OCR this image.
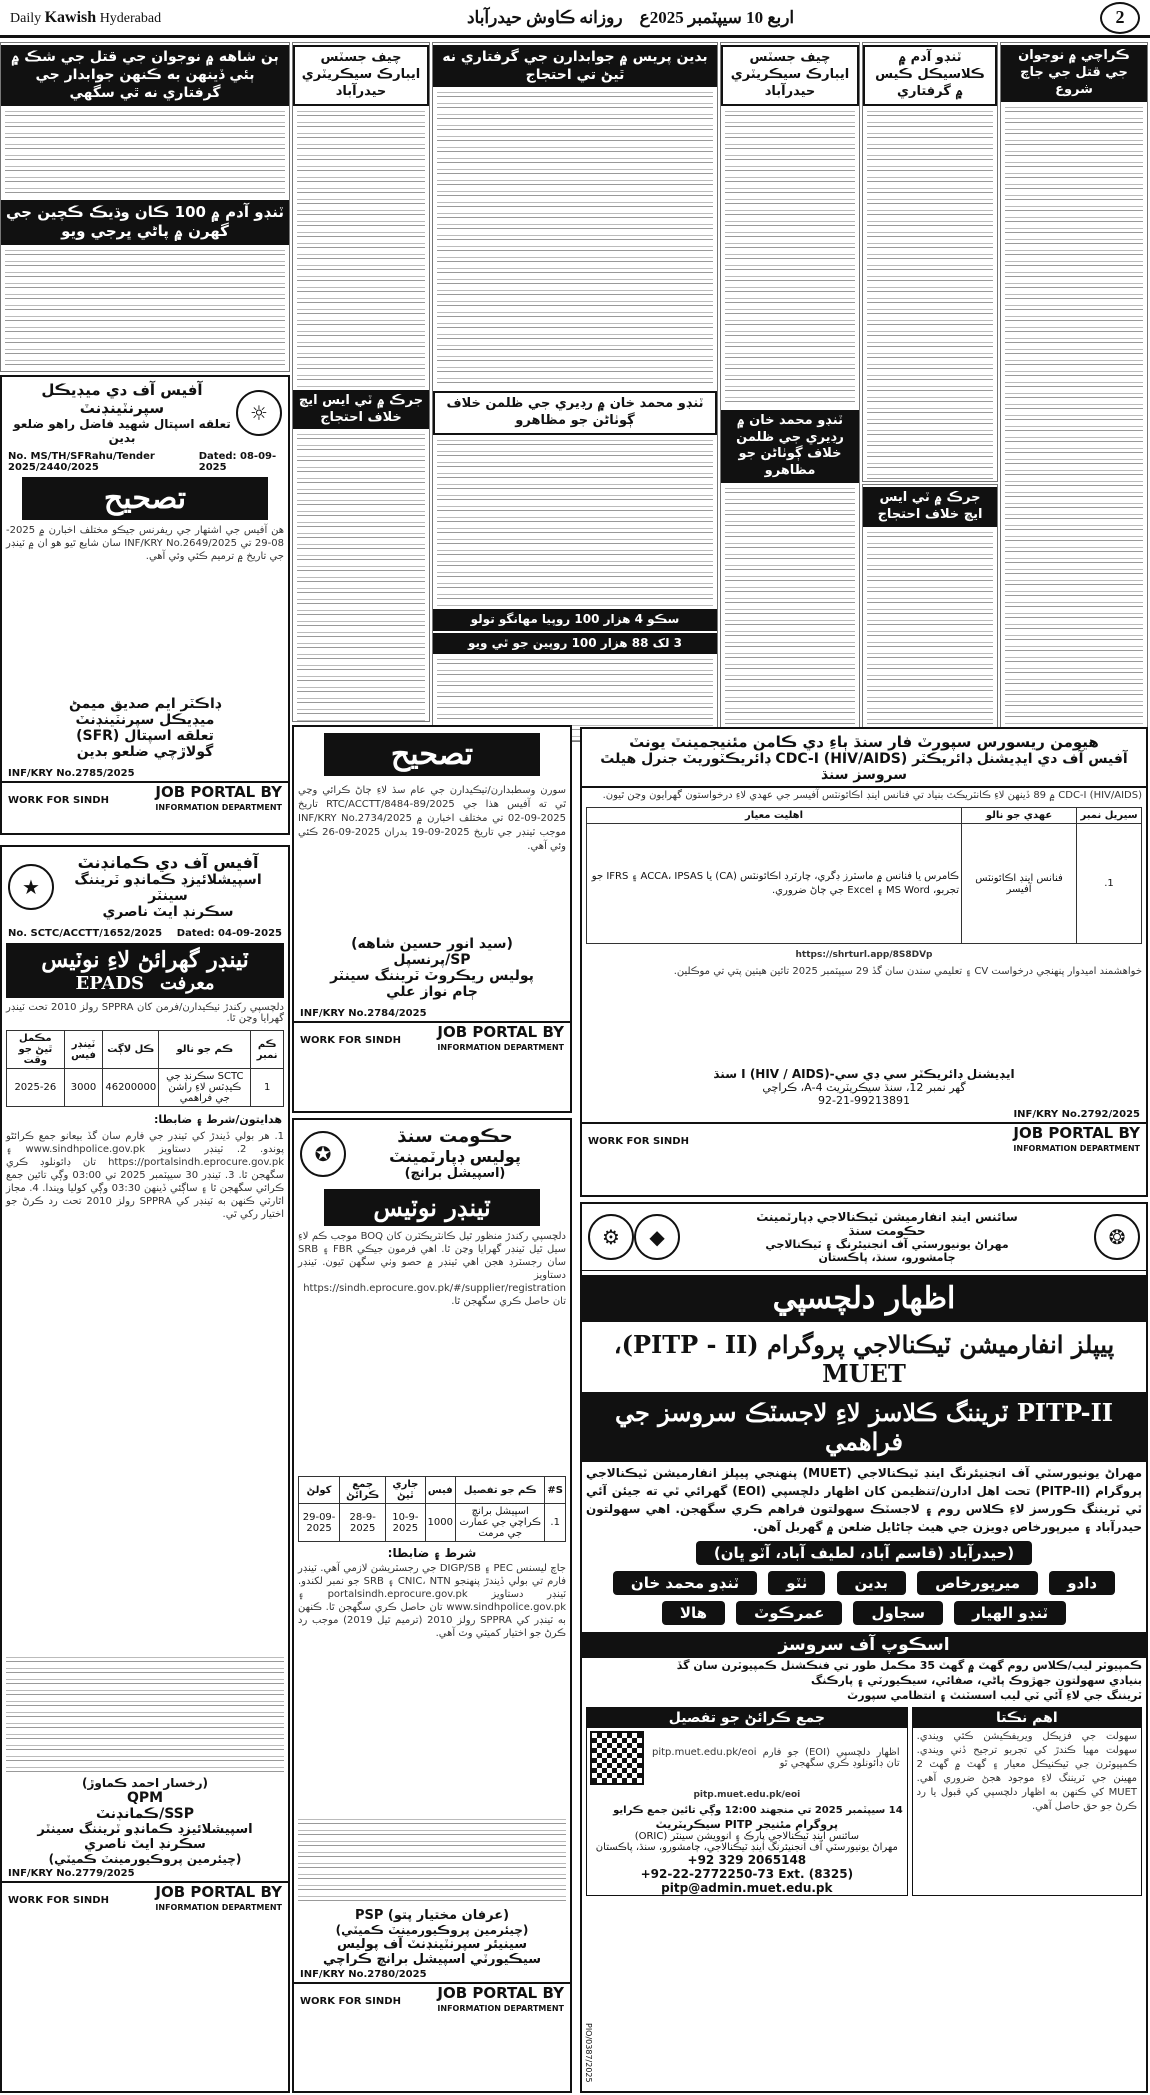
Daily Kawish Hyderabad	اربع 10 سيپٽمبر 2025ع    روزانه ڪاوش حيدرآباد	2
ڪراچي ۾ نوجوان جي قتل جي جاچ شروع
ٽنڊو آدم ۾ ڪلاسيڪل ڪيس ۾ گرفتاري
جرڪ ۾ ٽي ايس ايچ خلاف احتجاج
چيف جسٽس ايبارڪ سيڪريٽري حيدرآباد
ٽنڊو محمد خان ۾ رڊيري جي ظلمن خلاف ڳوٺاڻن جو مظاهرو
بدين پريس ۾ جوابدارن جي گرفتاري نه ٿيڻ تي احتجاج
ٽنڊو محمد خان ۾ رڊيري جي ظلمن خلاف ڳوٺاڻن جو مظاهرو
سڪو 4 هزار 100 روپيا مهانگو تولو
3 لک 88 هزار 100 روپين جو ٿي ويو
چيف جسٽس ايبارڪ سيڪريٽري حيدرآباد
جرڪ ۾ ٽي ايس ايچ خلاف احتجاج
ٻن شاهه ۾ نوجوان جي قتل جي شڪ ۾ ٻئي ڏينهن به ڪنهن جوابدار جي گرفتاري نه ٿي سگهي
ٽنڊو آدم ۾ 100 ڪان وڌيڪ ڪچين جي گهرن ۾ پاڻي ڀرجي ويو
☼
آفيس آف دي ميڊيڪل سپرنٽينڊنٽ
تعلقه اسپتال شهيد فاضل راهو ضلعو بدين
No. MS/TH/SFRahu/Tender 2025/2440/2025
Dated: 08-09-2025
تصحيح
هن آفيس جي اشتهار جي ريفرنس جيڪو مختلف اخبارن ۾ 2025-08-29 تي INF/KRY No.2649/2025 سان شايع ٿيو هو ان ۾ ٽينڊر جي تاريخ ۾ ترميم ڪئي وئي آهي.
ڊاڪٽر ايم صديق ميمڻ
ميڊيڪل سپرنٽينڊنٽ
تعلقه اسپتال (SFR)
گولاڙچي ضلعو بدين
INF/KRY No.2785/2025
WORK FOR SINDH	JOB PORTAL BY
INFORMATION DEPARTMENT
آفيس آف دي ڪمانڊنٽ
اسپيشلائيزڊ ڪمانڊو ٽريننگ سينٽر
سڪرنڊ ايٽ ناصري
★
No. SCTC/ACCTT/1652/2025 Dated: 04-09-2025
ٽينڊر گهرائڻ لاءِ نوٽيس
معرفت
EPADS
دلچسپي رکندڙ ٺيڪيدارن/فرمن کان SPPRA رولز 2010 تحت ٽينڊر گهرايا وڃن ٿا.
ڪم نمبر	ڪم جو نالو	ڪل لاڳت	ٽينڊر فيس	مڪمل ٿيڻ جو وقت
1	SCTC سڪرنڊ جي ڪيڊٽس لاءِ راشن جي فراهمي	46200000	3000	2025-26
هدايتون/شرط ۽ ضابطا:
1. هر بولي ڏيندڙ کي ٽينڊر جي فارم سان گڏ بيعانو جمع ڪرائڻو پوندو. 2. ٽينڊر دستاويز www.sindhpolice.gov.pk ۽ https://portalsindh.eprocure.gov.pk تان ڊائونلوڊ ڪري سگهجن ٿا. 3. ٽينڊر 30 سيپٽمبر 2025 تي 03:00 وڳي تائين جمع ڪرائي سگهجن ٿا ۽ ساڳئي ڏينهن 03:30 وڳي کوليا ويندا. 4. مجاز اٿارٽي ڪنهن به ٽينڊر کي SPPRA رولز 2010 تحت رد ڪرڻ جو اختيار رکي ٿي.
(رخسار احمد ڪماوڙ)
QPM
SSP/ڪمانڊنٽ
اسپيشلائيزڊ ڪمانڊو ٽريننگ سينٽر
سڪرنڊ ايٽ ناصري
(چيئرمين پروڪيورمينٽ ڪميٽي)
INF/KRY No.2779/2025
WORK FOR SINDH	JOB PORTAL BY
INFORMATION DEPARTMENT
تصحيح
سورن وسطبدارن/ٺيڪيدارن جي عام سڌ لاءِ ڄاڻ ڪرائي وڃي ٿي ته آفيس هذا جي RTC/ACCTT/8484-89/2025 تاريخ 2025-09-02 تي مختلف اخبارن ۾ INF/KRY No.2734/2025 موجب ٽينڊر جي تاريخ 2025-09-19 بدران 2025-09-26 ڪئي وئي آهي.
(سيد انور حسين شاهه)
SP/پرنسپل
پوليس ريڪروٽ ٽريننگ سينٽر
ڄام نواز علي
INF/KRY No.2784/2025
WORK FOR SINDH JOB PORTAL BY
INFORMATION DEPARTMENT
حڪومت سنڌ
پوليس ڊپارٽمينٽ
(اسپيشل برانچ)
✪
ٽينڊر نوٽيس
دلچسپي رکندڙ منظور ٿيل ڪانٽريڪٽرن کان BOQ موجب ڪم لاءِ سيل ٿيل ٽينڊر گهرايا وڃن ٿا. اهي فرمون جيڪي FBR ۽ SRB سان رجسٽرڊ هجن اهي ٽينڊر ۾ حصو وٺي سگهن ٿيون. ٽينڊر دستاويز https://sindh.eprocure.gov.pk/#/supplier/registration تان حاصل ڪري سگهجن ٿا.
S#	ڪم جو تفصيل	فيس	جاري ٿيڻ	جمع ڪرائڻ	کولڻ
1.	اسپيشل برانچ ڪراچي جي عمارت جي مرمت	1000	10-9-2025	28-9-2025	29-09-2025
شرط ۽ ضابطا:
جاچ ليسنس PEC ۽ DIGP/SB جي رجسٽريشن لازمي آهي. ٽينڊر فارم تي بولي ڏيندڙ پنهنجو CNIC، NTN ۽ SRB جو نمبر لکندو. ٽينڊر دستاويز portalsindh.eprocure.gov.pk ۽ www.sindhpolice.gov.pk تان حاصل ڪري سگهجن ٿا. ڪنهن به ٽينڊر کي SPPRA رولز 2010 (ترميم ٿيل 2019) موجب رد ڪرڻ جو اختيار کميٽي وٽ آهي.
(عرفان مختيار پتو) PSP
(چيئرمين پروڪيورمينٽ ڪميٽي)
سينيئر سپرنٽينڊنٽ آف پوليس
سيڪيورٽي اسپيشل برانچ ڪراچي
INF/KRY No.2780/2025
WORK FOR SINDH JOB PORTAL BY
INFORMATION DEPARTMENT
هيومن ريسورس سپورٽ فار سنڌ ٻاءِ دي ڪامن مئنيجمينٽ يونٽ
آفيس آف دي ايڊيشنل ڊائريڪٽر CDC-I (HIV/AIDS) ڊائريڪٽوريٽ جنرل هيلٿ سروسز سنڌ
CDC-I (HIV/AIDS) ۾ 89 ڏينهن لاءِ ڪانٽريڪٽ بنياد تي فنانس اينڊ اڪائونٽس آفيسر جي عهدي لاءِ درخواستون گهرايون وڃن ٿيون.
سيريل نمبر	عهدي جو نالو	اهليت معيار
1.	فنانس اينڊ اڪائونٽس آفيسر	ڪامرس يا فنانس ۾ ماسٽرز ڊگري، چارٽرڊ اڪائونٽس (CA) يا ACCA، IPSAS ۽ IFRS جو تجربو، MS Word ۽ Excel جي ڄاڻ ضروري.
https://shrturl.app/8S8DVp
خواهشمند اميدوار پنهنجي درخواست CV ۽ تعليمي سندن سان گڏ 29 سيپٽمبر 2025 تائين هيٺين پتي تي موڪلين.
ايڊيشنل ڊائريڪٽر سي ڊي سي-I (HIV / AIDS) سنڌ
گهر نمبر 12، سنڌ سيڪريٽريٽ 4-A، ڪراچي
92-21-99213891
INF/KRY No.2792/2025
WORK FOR SINDH	JOB PORTAL BY
INFORMATION DEPARTMENT
❂
سائنس اينڊ انفارميشن ٽيڪنالاجي ڊپارٽمينٽ
حڪومت سنڌ
مهراڻ يونيورسٽي آف انجنيئرنگ ۽ ٽيڪنالاجي
ڄامشورو، سنڌ، پاڪستان
◆
⚙
اظهار دلچسپي
پيپلز انفارميشن ٽيڪنالاجي پروگرام (PITP - II)، MUET
PITP-II ٽريننگ ڪلاسز لاءِ لاجسٽڪ سروسز جي فراهمي
مهراڻ يونيورسٽي آف انجنيئرنگ اينڊ ٽيڪنالاجي (MUET) پنهنجي پيپلز انفارميشن ٽيڪنالاجي پروگرام (PITP-II) تحت اهل ادارن/تنظيمن کان اظهار دلچسپي (EOI) گهرائي ٿي ته جيئن آئي ٽي ٽريننگ ڪورسز لاءِ ڪلاس روم ۽ لاجسٽڪ سهولتون فراهم ڪري سگهجن. اهي سهولتون حيدرآباد ۽ ميرپورخاص ڊويزن جي هيٺ ڄاڻايل ضلعن ۾ گهربل آهن.
(حيدرآباد (قاسم آباد، لطيف آباد، آٽو ڀان)
دادو ميرپورخاص بدين ٺٽو ٽنڊو محمد خان ٽنڊو الهيار سجاول عمرڪوٽ هالا
اسڪوپ آف سروسز
ڪمپيوٽر ليب/ڪلاس روم گهٽ ۾ گهٽ 35 مڪمل طور تي فنڪشنل ڪمپيوٽرن سان گڏ
بنيادي سهولتون جهڙوڪ پاڻي، صفائي، سيڪيورٽي ۽ پارڪنگ
ٽريننگ جي لاءِ آئي ٽي ليب اسسٽنٽ ۽ انتظامي سپورٽ
اهم نڪتا
سهولت جي فزيڪل ويريفڪيشن ڪئي ويندي. سهولت مهيا ڪندڙ کي تجربو ترجيح ڏني ويندي. ڪمپيوٽرن جي ٽيڪنيڪل معيار ۽ گهٽ ۾ گهٽ 2 مهينن جي ٽريننگ لاءِ موجود هجڻ ضروري آهي. MUET کي ڪنهن به اظهار دلچسپي کي قبول يا رد ڪرڻ جو حق حاصل آهي.
جمع ڪرائڻ جو تفصيل
اظهار دلچسپي (EOI) جو فارم pitp.muet.edu.pk/eoi تان ڊائونلوڊ ڪري سگهجي ٿو
pitp.muet.edu.pk/eoi
14 سيپٽمبر 2025 تي منجهند 12:00 وڳي تائين جمع ڪرايو
پروگرام مئنيجر PITP سيڪريٽريٽ
سائنس اينڊ ٽيڪنالاجي پارڪ ۽ انوويشن سينٽر (ORIC)
مهراڻ يونيورسٽي آف انجنيئرنگ اينڊ ٽيڪنالاجي، ڄامشورو، سنڌ، پاڪستان
+92 329 2065148
+92-22-2772250-73 Ext. (8325)
pitp@admin.muet.edu.pk
PIO/0387/2025
